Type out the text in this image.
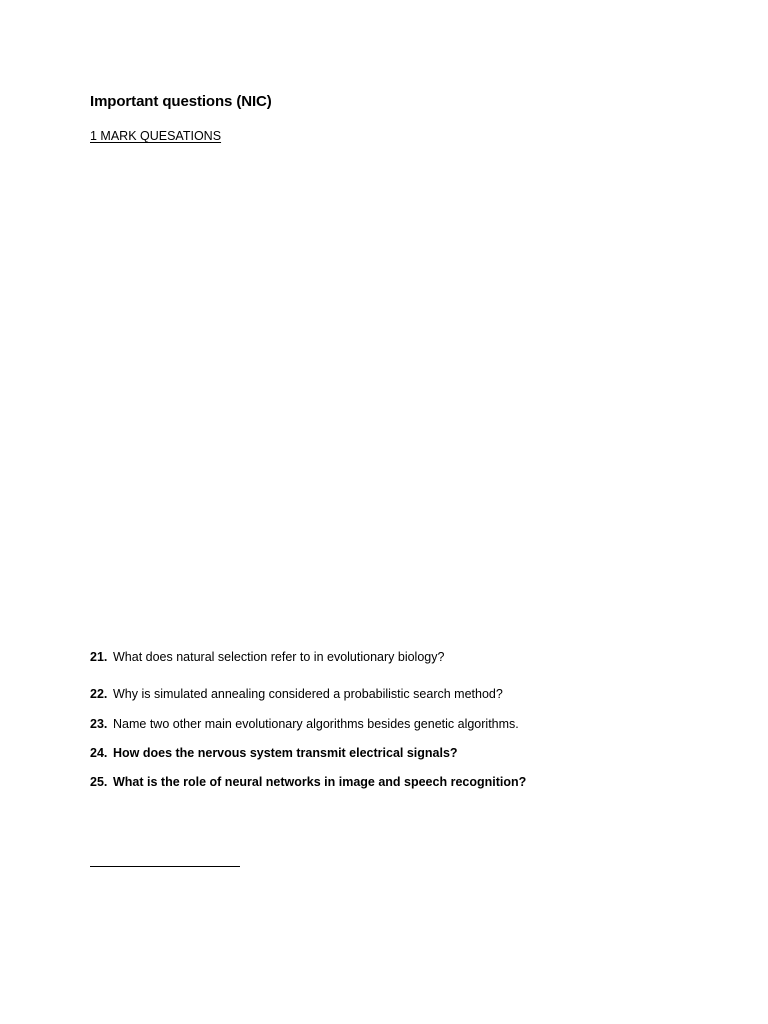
Important questions (NIC)
1 MARK QUESATIONS
21. What does natural selection refer to in evolutionary biology?
22. Why is simulated annealing considered a probabilistic search method?
23. Name two other main evolutionary algorithms besides genetic algorithms.
24. How does the nervous system transmit electrical signals?
25. What is the role of neural networks in image and speech recognition?
